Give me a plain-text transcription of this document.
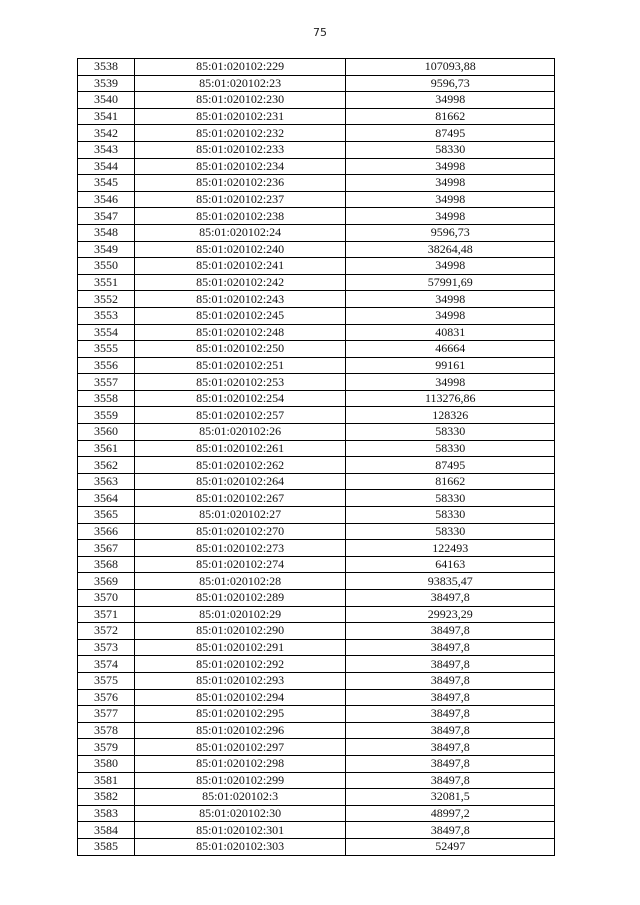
75
3538	85:01:020102:229	107093,88
3539	85:01:020102:23	9596,73
3540	85:01:020102:230	34998
3541	85:01:020102:231	81662
3542	85:01:020102:232	87495
3543	85:01:020102:233	58330
3544	85:01:020102:234	34998
3545	85:01:020102:236	34998
3546	85:01:020102:237	34998
3547	85:01:020102:238	34998
3548	85:01:020102:24	9596,73
3549	85:01:020102:240	38264,48
3550	85:01:020102:241	34998
3551	85:01:020102:242	57991,69
3552	85:01:020102:243	34998
3553	85:01:020102:245	34998
3554	85:01:020102:248	40831
3555	85:01:020102:250	46664
3556	85:01:020102:251	99161
3557	85:01:020102:253	34998
3558	85:01:020102:254	113276,86
3559	85:01:020102:257	128326
3560	85:01:020102:26	58330
3561	85:01:020102:261	58330
3562	85:01:020102:262	87495
3563	85:01:020102:264	81662
3564	85:01:020102:267	58330
3565	85:01:020102:27	58330
3566	85:01:020102:270	58330
3567	85:01:020102:273	122493
3568	85:01:020102:274	64163
3569	85:01:020102:28	93835,47
3570	85:01:020102:289	38497,8
3571	85:01:020102:29	29923,29
3572	85:01:020102:290	38497,8
3573	85:01:020102:291	38497,8
3574	85:01:020102:292	38497,8
3575	85:01:020102:293	38497,8
3576	85:01:020102:294	38497,8
3577	85:01:020102:295	38497,8
3578	85:01:020102:296	38497,8
3579	85:01:020102:297	38497,8
3580	85:01:020102:298	38497,8
3581	85:01:020102:299	38497,8
3582	85:01:020102:3	32081,5
3583	85:01:020102:30	48997,2
3584	85:01:020102:301	38497,8
3585	85:01:020102:303	52497
